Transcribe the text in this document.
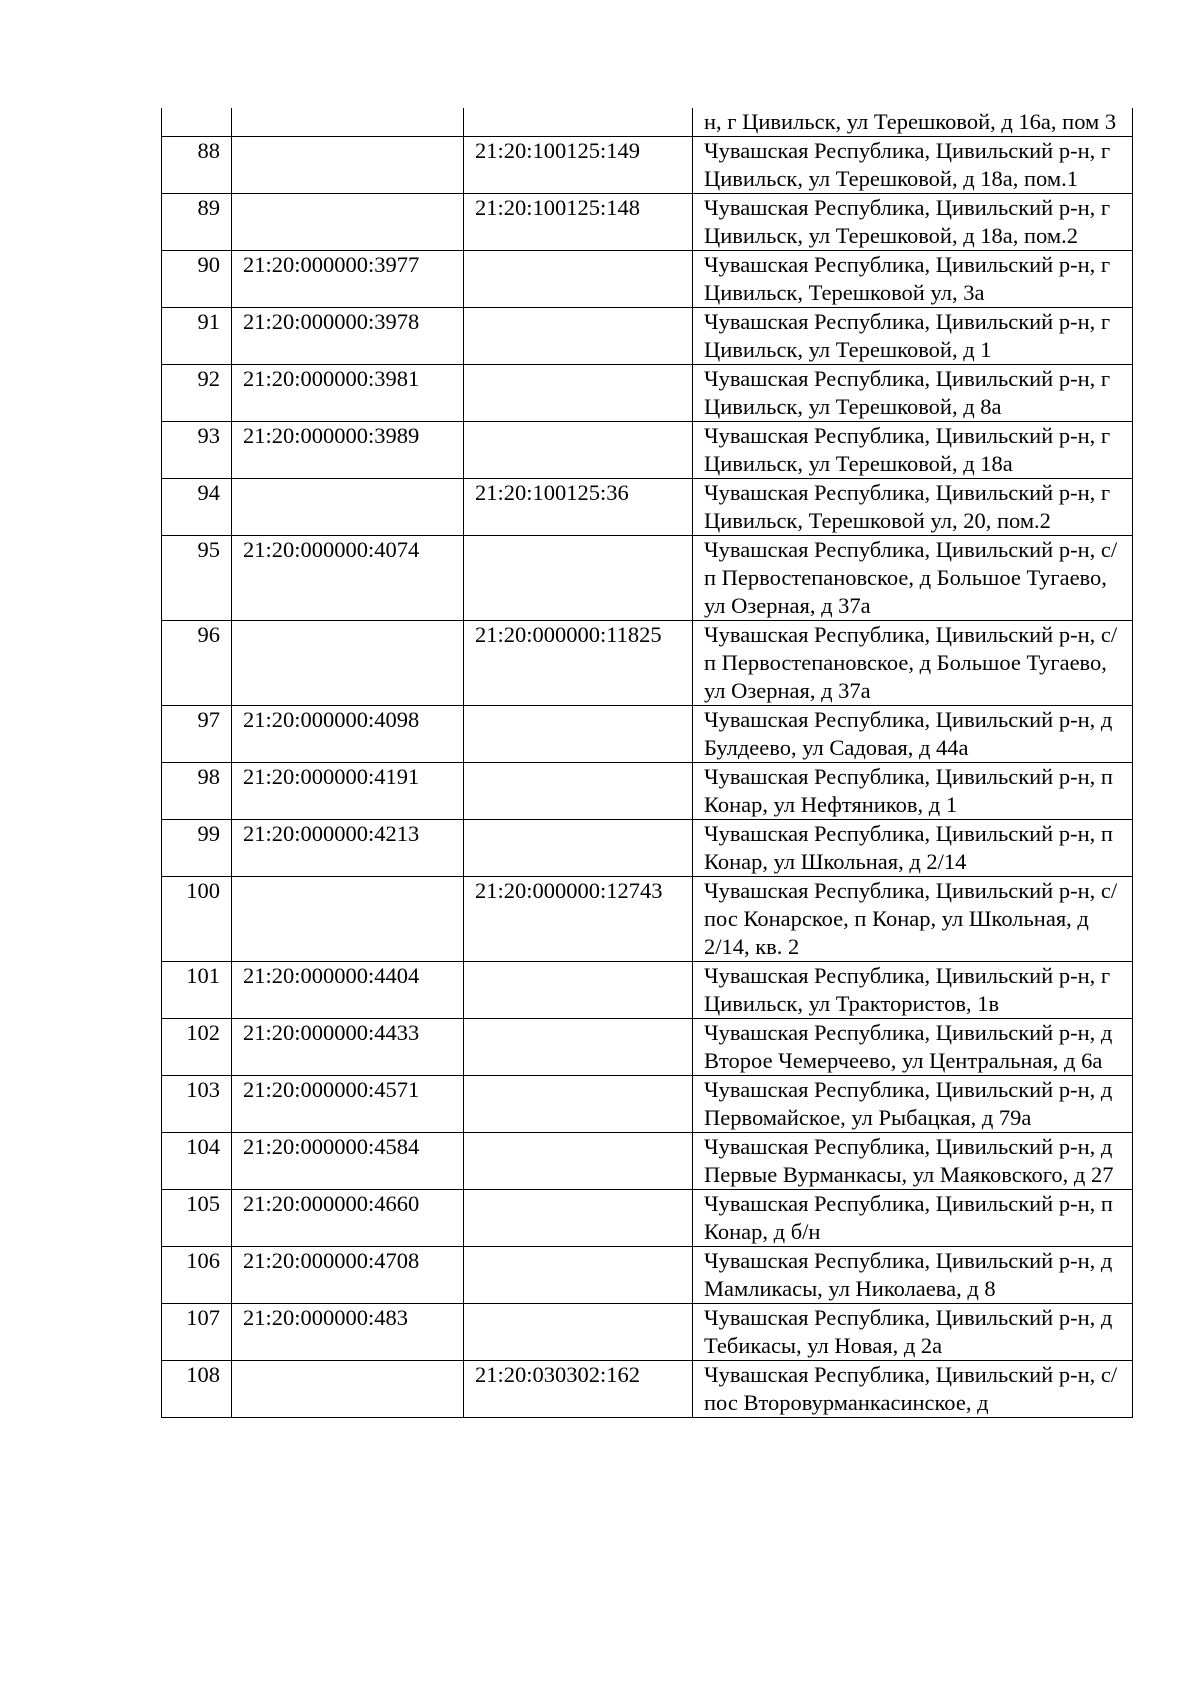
			н, г Цивильск, ул Терешковой, д 16а, пом 3
88		21:20:100125:149	Чувашская Республика, Цивильский р-н, г Цивильск, ул Терешковой, д 18а, пом.1
89		21:20:100125:148	Чувашская Республика, Цивильский р-н, г Цивильск, ул Терешковой, д 18а, пом.2
90	21:20:000000:3977		Чувашская Республика, Цивильский р-н, г Цивильск, Терешковой ул, 3а
91	21:20:000000:3978		Чувашская Республика, Цивильский р-н, г Цивильск, ул Терешковой, д 1
92	21:20:000000:3981		Чувашская Республика, Цивильский р-н, г Цивильск, ул Терешковой, д 8а
93	21:20:000000:3989		Чувашская Республика, Цивильский р-н, г Цивильск, ул Терешковой, д 18а
94		21:20:100125:36	Чувашская Республика, Цивильский р-н, г Цивильск, Терешковой ул, 20, пом.2
95	21:20:000000:4074		Чувашская Республика, Цивильский р-н, с/п Первостепановское, д Большое Тугаево, ул Озерная, д 37а
96		21:20:000000:11825	Чувашская Республика, Цивильский р-н, с/п Первостепановское, д Большое Тугаево, ул Озерная, д 37а
97	21:20:000000:4098		Чувашская Республика, Цивильский р-н, д Булдеево, ул Садовая, д 44а
98	21:20:000000:4191		Чувашская Республика, Цивильский р-н, п Конар, ул Нефтяников, д 1
99	21:20:000000:4213		Чувашская Республика, Цивильский р-н, п Конар, ул Школьная, д 2/14
100		21:20:000000:12743	Чувашская Республика, Цивильский р-н, с/пос Конарское, п Конар, ул Школьная, д 2/14, кв. 2
101	21:20:000000:4404		Чувашская Республика, Цивильский р-н, г Цивильск, ул Трактористов, 1в
102	21:20:000000:4433		Чувашская Республика, Цивильский р-н, д Второе Чемерчеево, ул Центральная, д 6а
103	21:20:000000:4571		Чувашская Республика, Цивильский р-н, д Первомайское, ул Рыбацкая, д 79а
104	21:20:000000:4584		Чувашская Республика, Цивильский р-н, д Первые Вурманкасы, ул Маяковского, д 27
105	21:20:000000:4660		Чувашская Республика, Цивильский р-н, п Конар, д б/н
106	21:20:000000:4708		Чувашская Республика, Цивильский р-н, д Мамликасы, ул Николаева, д 8
107	21:20:000000:483		Чувашская Республика, Цивильский р-н, д Тебикасы, ул Новая, д 2а
108		21:20:030302:162	Чувашская Республика, Цивильский р-н, с/пос Второвурманкасинское, д
